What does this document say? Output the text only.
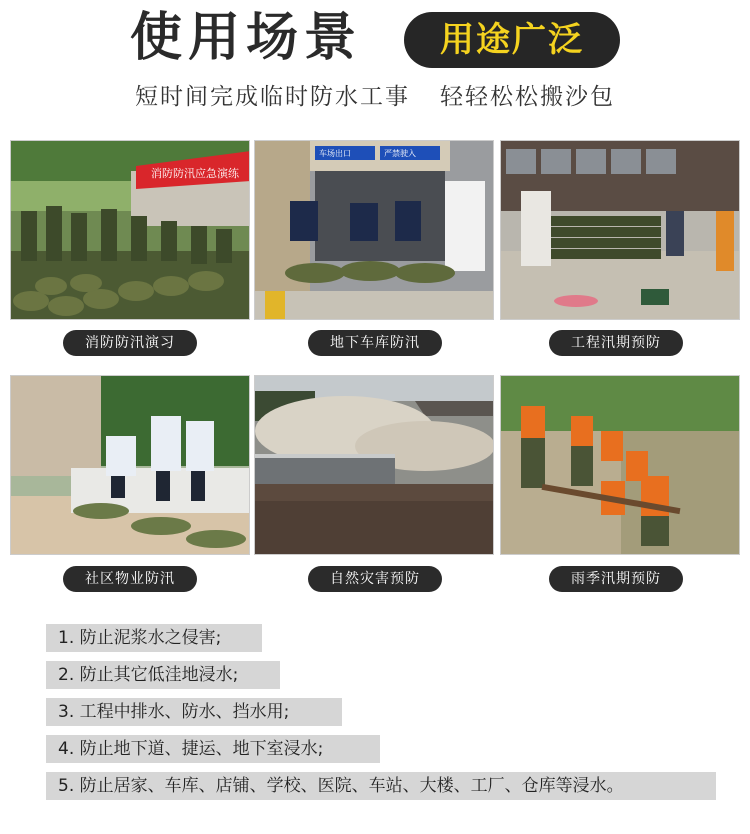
使用场景	用途广泛
短时间完成临时防水工事 轻轻松松搬沙包
消防防汛应急演练
消防防汛演习
车场出口	严禁驶入
地下车库防汛	工程汛期预防
社区物业防汛	自然灾害预防	雨季汛期预防
1. 防止泥浆水之侵害;
2. 防止其它低洼地浸水;
3. 工程中排水、防水、挡水用;
4. 防止地下道、捷运、地下室浸水;
5. 防止居家、车库、店铺、学校、医院、车站、大楼、工厂、仓库等浸水。
